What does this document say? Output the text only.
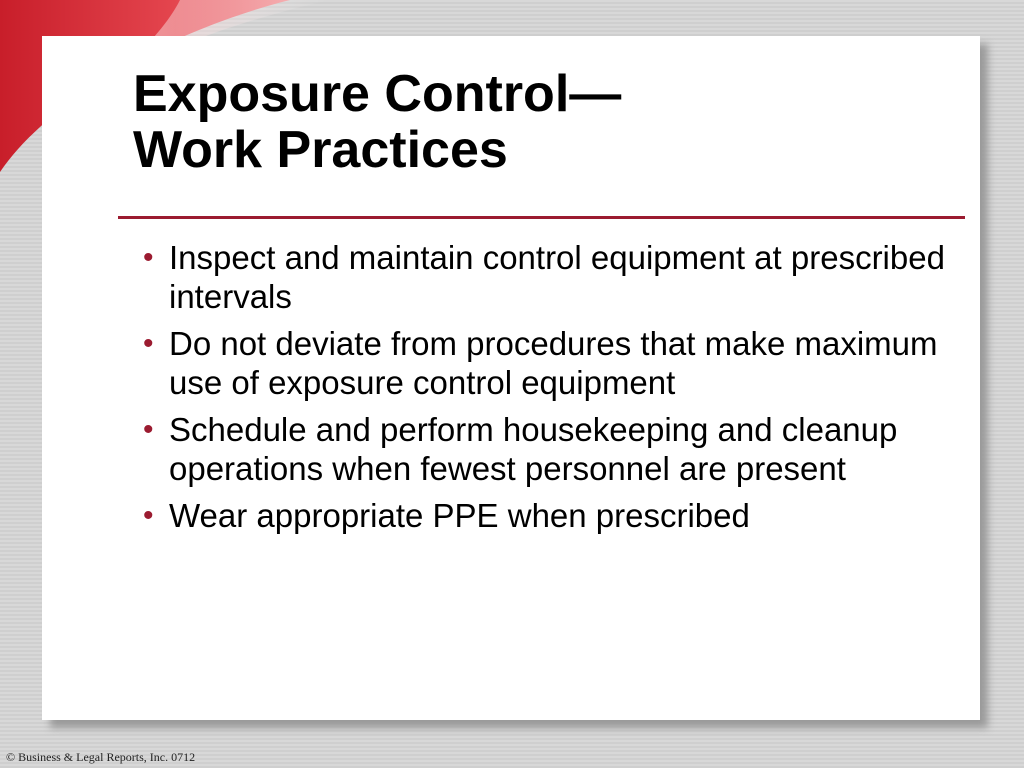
Exposure Control—
Work Practices
• Inspect and maintain control equipment at prescribed intervals
• Do not deviate from procedures that make maximum use of exposure control equipment
• Schedule and perform housekeeping and cleanup operations when fewest personnel are present
• Wear appropriate PPE when prescribed
© Business & Legal Reports, Inc. 0712
